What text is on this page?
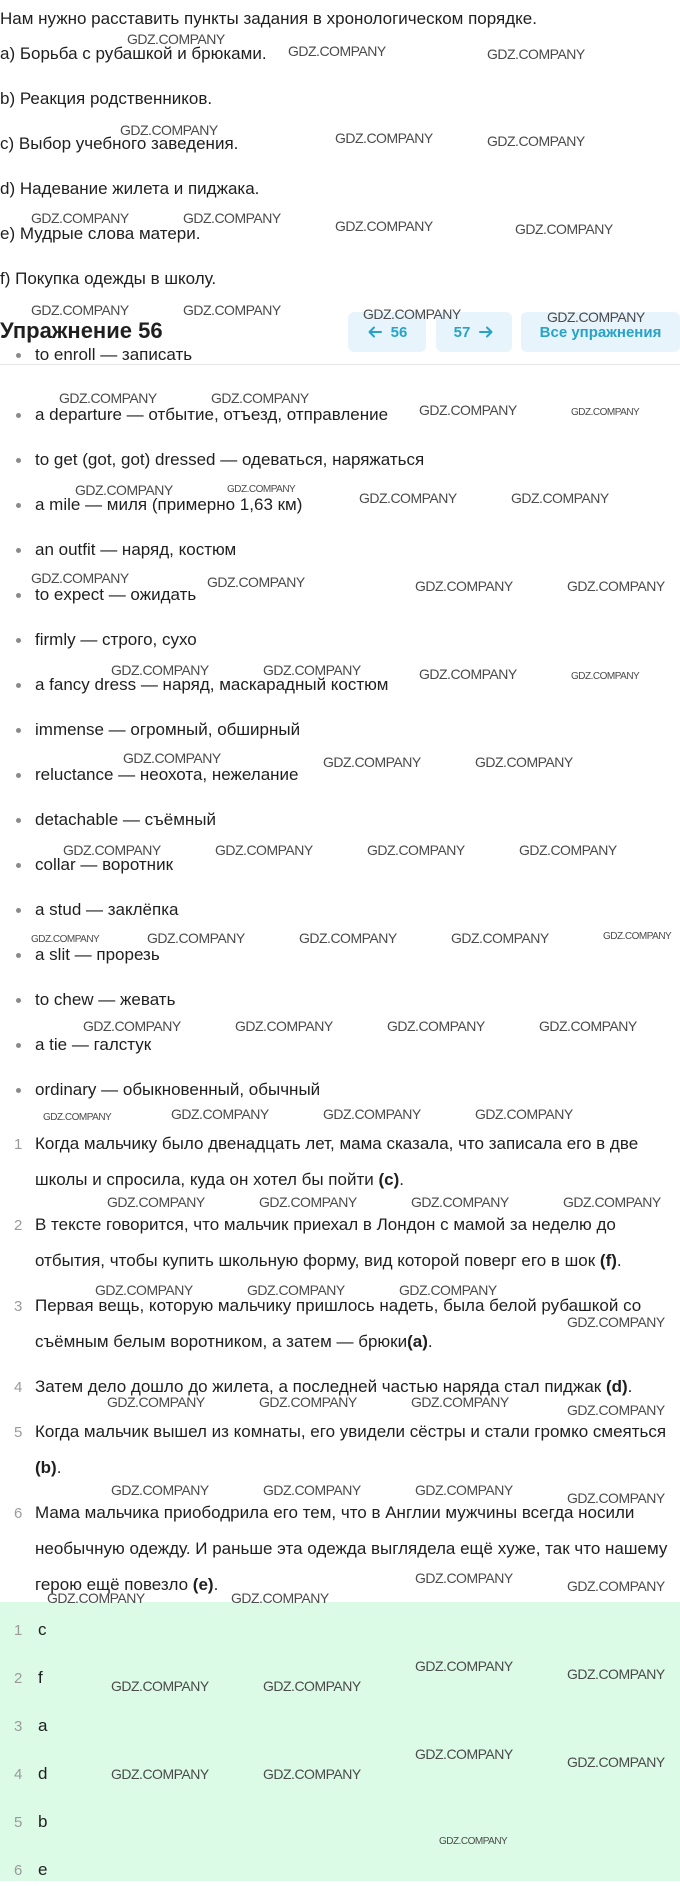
Нам нужно расставить пункты задания в хронологическом порядке.
a) Борьба с рубашкой и брюками.
b) Реакция родственников.
c) Выбор учебного заведения.
d) Надевание жилета и пиджака.
e) Мудрые слова матери.
f) Покупка одежды в школу.
Упражнение 56	56	57	Все упражнения
to enroll — записать
a departure — отбытие, отъезд, отправление
to get (got, got) dressed — одеваться, наряжаться
a mile — миля (примерно 1,63 км)
an outfit — наряд, костюм
to expect — ожидать
firmly — строго, сухо
a fancy dress — наряд, маскарадный костюм
immense — огромный, обширный
reluctance — неохота, нежелание
detachable — съёмный
collar — воротник
a stud — заклёпка
a slit — прорезь
to chew — жевать
a tie — галстук
ordinary — обыкновенный, обычный
1 Когда мальчику было двенадцать лет, мама сказала, что записала его в две школы и спросила, куда он хотел бы пойти (c).
2 В тексте говорится, что мальчик приехал в Лондон с мамой за неделю до отбытия, чтобы купить школьную форму, вид которой поверг его в шок (f).
3 Первая вещь, которую мальчику пришлось надеть, была белой рубашкой со съёмным белым воротником, а затем — брюки(a).
4 Затем дело дошло до жилета, а последней частью наряда стал пиджак (d).
5 Когда мальчик вышел из комнаты, его увидели сёстры и стали громко смеяться (b).
6 Мама мальчика приободрила его тем, что в Англии мужчины всегда носили необычную одежду. И раньше эта одежда выглядела ещё хуже, так что нашему герою ещё повезло (e).
1 c
2 f
3 a
4 d
5 b
6 e
GDZ.COMPANY
GDZ.COMPANY	GDZ.COMPANY
GDZ.COMPANY	GDZ.COMPANY	GDZ.COMPANY
GDZ.COMPANY	GDZ.COMPANY	GDZ.COMPANY	GDZ.COMPANY
GDZ.COMPANY	GDZ.COMPANY	GDZ.COMPANY	GDZ.COMPANY
GDZ.COMPANY	GDZ.COMPANY
GDZ.COMPANY	GDZ.COMPANY
GDZ.COMPANY	GDZ.COMPANY
GDZ.COMPANY	GDZ.COMPANY
GDZ.COMPANY	GDZ.COMPANY	GDZ.COMPANY	GDZ.COMPANY
GDZ.COMPANY	GDZ.COMPANY	GDZ.COMPANY	GDZ.COMPANY
GDZ.COMPANY	GDZ.COMPANY	GDZ.COMPANY
GDZ.COMPANY	GDZ.COMPANY	GDZ.COMPANY	GDZ.COMPANY
GDZ.COMPANY	GDZ.COMPANY	GDZ.COMPANY	GDZ.COMPANY	GDZ.COMPANY
GDZ.COMPANY	GDZ.COMPANY	GDZ.COMPANY	GDZ.COMPANY
GDZ.COMPANY	GDZ.COMPANY	GDZ.COMPANY	GDZ.COMPANY
GDZ.COMPANY	GDZ.COMPANY	GDZ.COMPANY	GDZ.COMPANY
GDZ.COMPANY	GDZ.COMPANY	GDZ.COMPANY
GDZ.COMPANY
GDZ.COMPANY	GDZ.COMPANY	GDZ.COMPANY	GDZ.COMPANY
GDZ.COMPANY	GDZ.COMPANY	GDZ.COMPANY	GDZ.COMPANY
GDZ.COMPANY	GDZ.COMPANY
GDZ.COMPANY	GDZ.COMPANY
GDZ.COMPANY	GDZ.COMPANY
GDZ.COMPANY	GDZ.COMPANY
GDZ.COMPANY	GDZ.COMPANY
GDZ.COMPANY	GDZ.COMPANY
GDZ.COMPANY
